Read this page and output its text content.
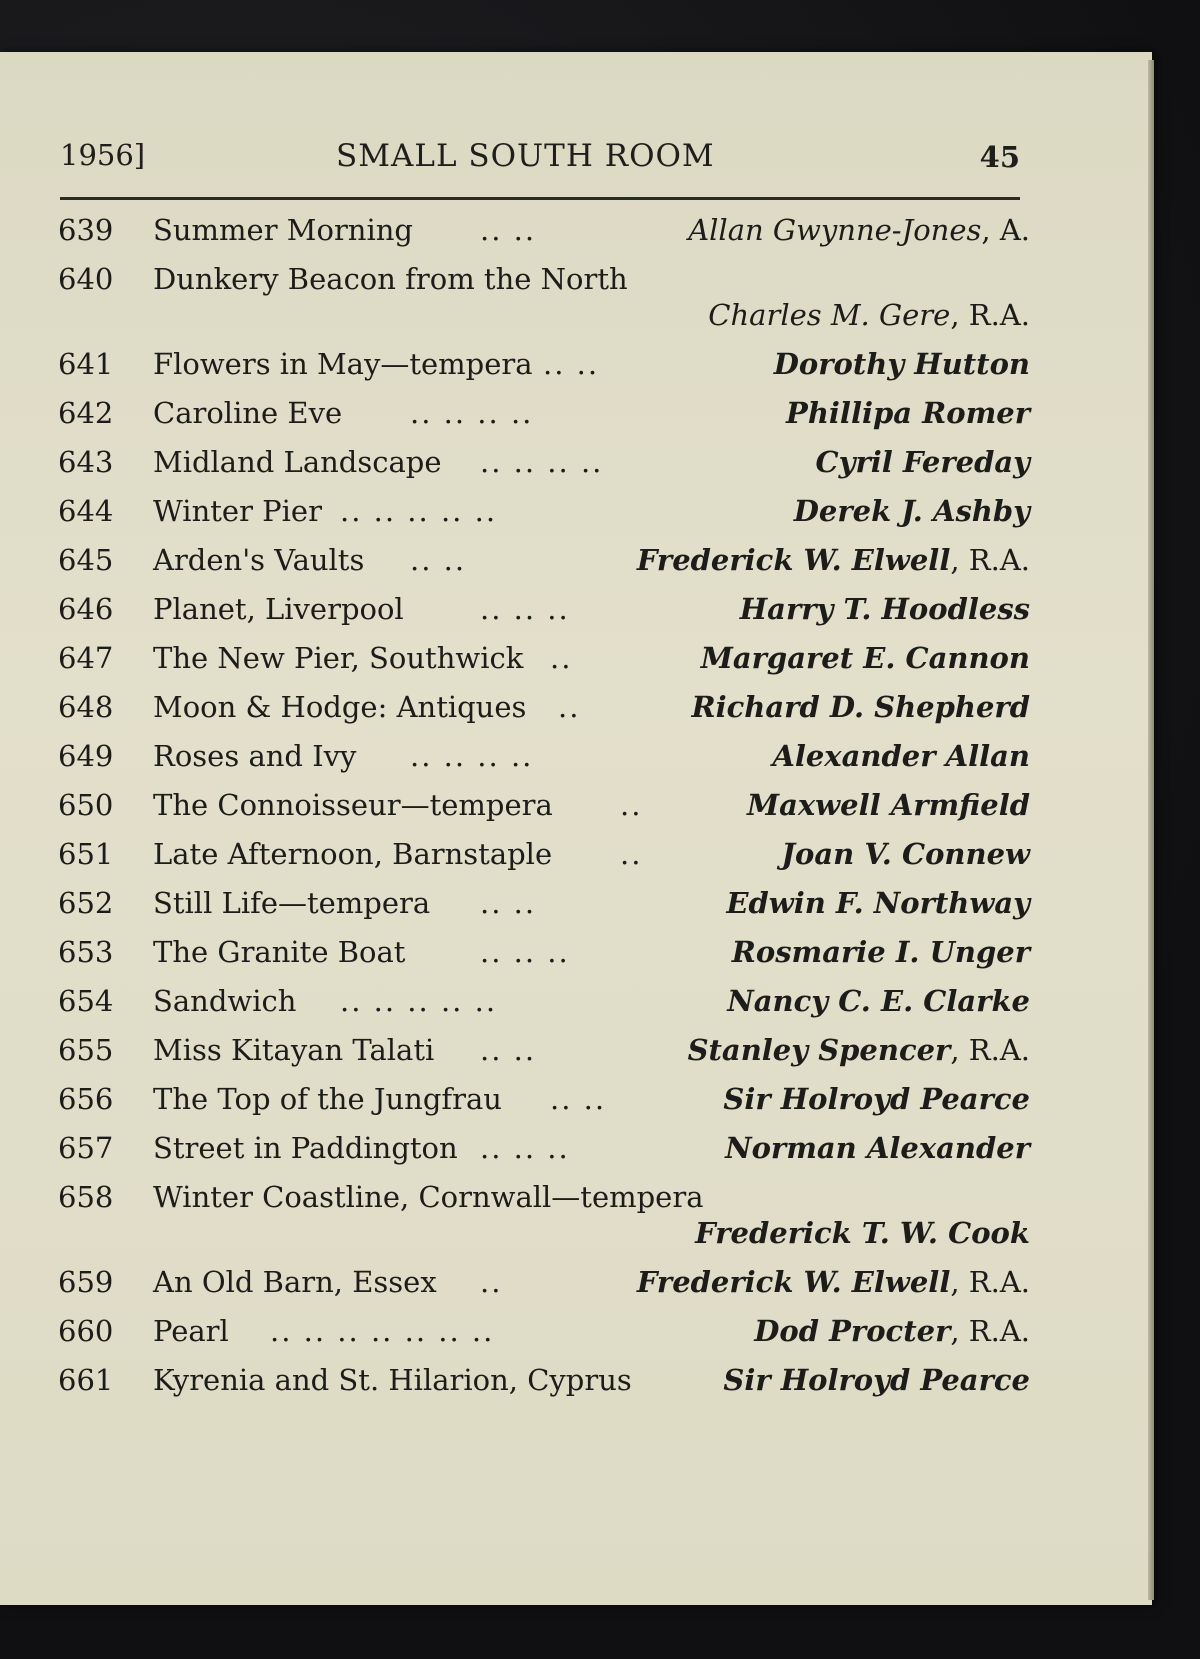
1956]	SMALL SOUTH ROOM	45
639 Summer Morning .. ..	Allan Gwynne-Jones, A.
640 Dunkery Beacon from the North
Charles M. Gere, R.A.
641 Flowers in May—tempera .. ..	Dorothy Hutton
642 Caroline Eve .. .. .. ..	Phillipa Romer
643 Midland Landscape .. .. .. ..	Cyril Fereday
644 Winter Pier .. .. .. .. ..	Derek J. Ashby
645 Arden's Vaults .. ..	Frederick W. Elwell, R.A.
646 Planet, Liverpool	.. .. ..	Harry T. Hoodless
647 The New Pier, Southwick ..	Margaret E. Cannon
648 Moon & Hodge: Antiques ..	Richard D. Shepherd
649 Roses and Ivy .. .. .. ..	Alexander Allan
650 The Connoisseur—tempera ..	Maxwell Armfield
651 Late Afternoon, Barnstaple ..	Joan V. Connew
652 Still Life—tempera .. ..	Edwin F. Northway
653 The Granite Boat	.. .. ..	Rosmarie I. Unger
654 Sandwich .. .. .. .. ..	Nancy C. E. Clarke
655 Miss Kitayan Talati .. ..	Stanley Spencer, R.A.
656 The Top of the Jungfrau .. ..	Sir Holroyd Pearce
657 Street in Paddington .. .. ..	Norman Alexander
658 Winter Coastline, Cornwall—tempera
Frederick T. W. Cook
659 An Old Barn, Essex ..	Frederick W. Elwell, R.A.
660 Pearl .. .. .. .. .. .. ..	Dod Procter, R.A.
661 Kyrenia and St. Hilarion, Cyprus	Sir Holroyd Pearce
